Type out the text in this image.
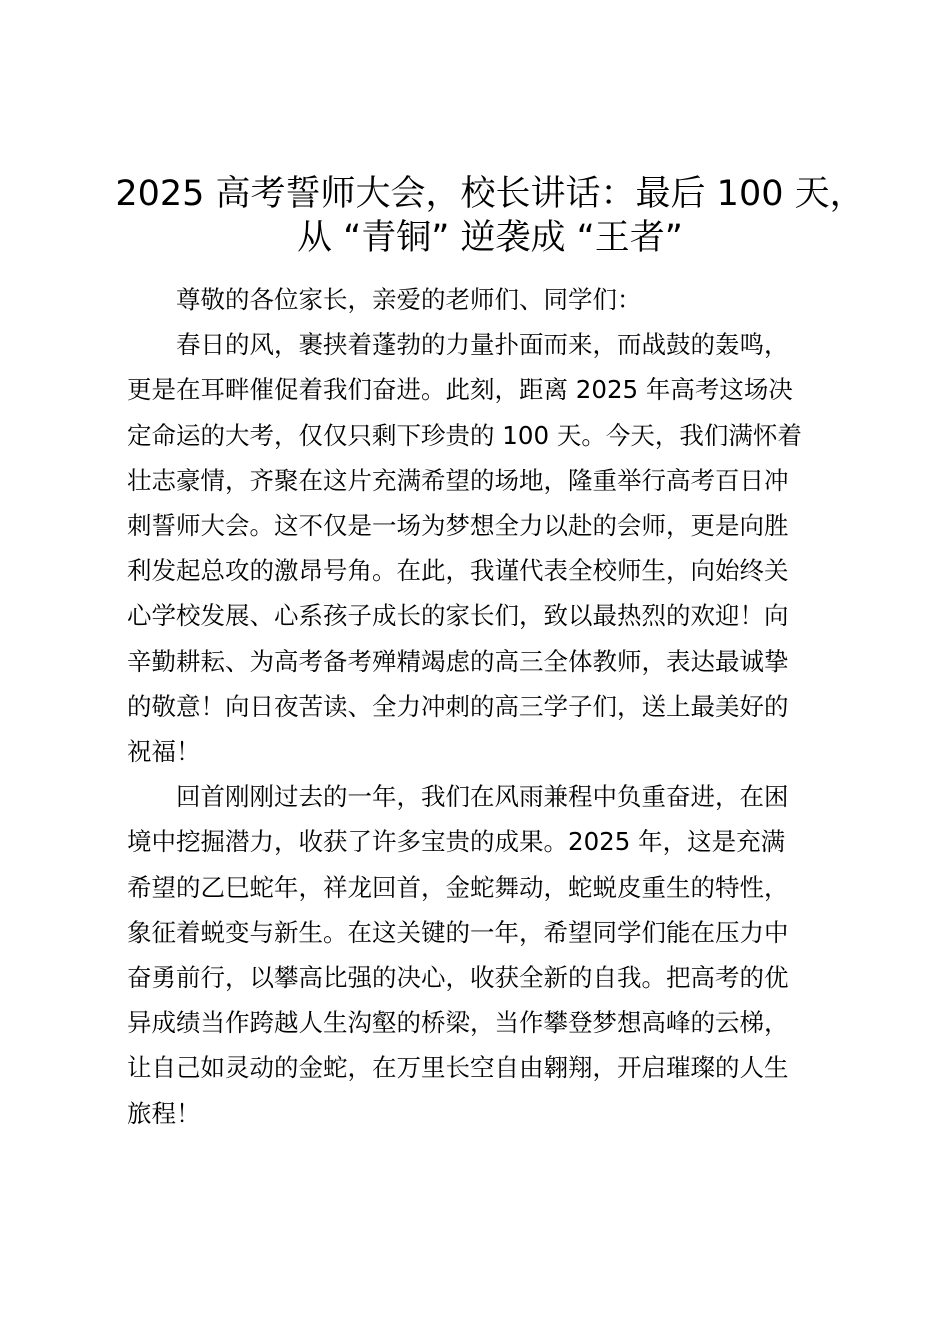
2025 高考誓师大会，校长讲话：最后 100 天，
从 “青铜” 逆袭成 “王者”
尊敬的各位家长，亲爱的老师们、同学们：
春日的风，裹挟着蓬勃的力量扑面而来，而战鼓的轰鸣，
更是在耳畔催促着我们奋进。此刻，距离 2025 年高考这场决
定命运的大考，仅仅只剩下珍贵的 100 天。今天，我们满怀着
壮志豪情，齐聚在这片充满希望的场地，隆重举行高考百日冲
刺誓师大会。这不仅是一场为梦想全力以赴的会师，更是向胜
利发起总攻的激昂号角。在此，我谨代表全校师生，向始终关
心学校发展、心系孩子成长的家长们，致以最热烈的欢迎！向
辛勤耕耘、为高考备考殚精竭虑的高三全体教师，表达最诚挚
的敬意！向日夜苦读、全力冲刺的高三学子们，送上最美好的
祝福！
回首刚刚过去的一年，我们在风雨兼程中负重奋进，在困
境中挖掘潜力，收获了许多宝贵的成果。2025 年，这是充满
希望的乙巳蛇年，祥龙回首，金蛇舞动，蛇蜕皮重生的特性，
象征着蜕变与新生。在这关键的一年，希望同学们能在压力中
奋勇前行，以攀高比强的决心，收获全新的自我。把高考的优
异成绩当作跨越人生沟壑的桥梁，当作攀登梦想高峰的云梯，
让自己如灵动的金蛇，在万里长空自由翱翔，开启璀璨的人生
旅程！
